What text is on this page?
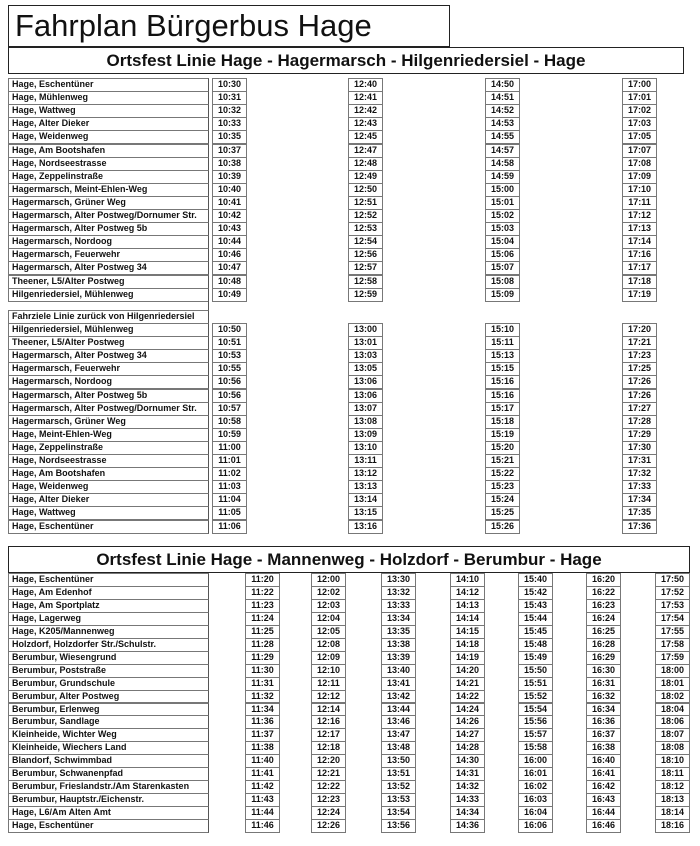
Fahrplan Bürgerbus Hage
Ortsfest Linie Hage - Hagermarsch - Hilgenriedersiel - Hage
Hage, Eschentüner	10:30	12:40	14:50	17:00
Hage, Mühlenweg	10:31	12:41	14:51	17:01
Hage, Wattweg	10:32	12:42	14:52	17:02
Hage, Alter Dieker	10:33	12:43	14:53	17:03
Hage, Weidenweg	10:35	12:45	14:55	17:05
Hage, Am Bootshafen	10:37	12:47	14:57	17:07
Hage, Nordseestrasse	10:38	12:48	14:58	17:08
Hage, Zeppelinstraße	10:39	12:49	14:59	17:09
Hagermarsch, Meint-Ehlen-Weg	10:40	12:50	15:00	17:10
Hagermarsch, Grüner Weg	10:41	12:51	15:01	17:11
Hagermarsch, Alter Postweg/Dornumer Str.	10:42	12:52	15:02	17:12
Hagermarsch, Alter Postweg 5b	10:43	12:53	15:03	17:13
Hagermarsch, Nordoog	10:44	12:54	15:04	17:14
Hagermarsch, Feuerwehr	10:46	12:56	15:06	17:16
Hagermarsch, Alter Postweg 34	10:47	12:57	15:07	17:17
Theener, L5/Alter Postweg	10:48	12:58	15:08	17:18
Hilgenriedersiel, Mühlenweg	10:49	12:59	15:09	17:19
Fahrziele Linie zurück von Hilgenriedersiel
Hilgenriedersiel, Mühlenweg	10:50	13:00	15:10	17:20
Theener, L5/Alter Postweg	10:51	13:01	15:11	17:21
Hagermarsch, Alter Postweg 34	10:53	13:03	15:13	17:23
Hagermarsch, Feuerwehr	10:55	13:05	15:15	17:25
Hagermarsch, Nordoog	10:56	13:06	15:16	17:26
Hagermarsch, Alter Postweg 5b	10:56	13:06	15:16	17:26
Hagermarsch, Alter Postweg/Dornumer Str.	10:57	13:07	15:17	17:27
Hagermarsch, Grüner Weg	10:58	13:08	15:18	17:28
Hage, Meint-Ehlen-Weg	10:59	13:09	15:19	17:29
Hage, Zeppelinstraße	11:00	13:10	15:20	17:30
Hage, Nordseestrasse	11:01	13:11	15:21	17:31
Hage, Am Bootshafen	11:02	13:12	15:22	17:32
Hage, Weidenweg	11:03	13:13	15:23	17:33
Hage, Alter Dieker	11:04	13:14	15:24	17:34
Hage, Wattweg	11:05	13:15	15:25	17:35
Hage, Eschentüner	11:06	13:16	15:26	17:36
Ortsfest Linie Hage - Mannenweg - Holzdorf - Berumbur - Hage
Hage, Eschentüner	11:20	12:00	13:30	14:10	15:40	16:20	17:50
Hage, Am Edenhof	11:22	12:02	13:32	14:12	15:42	16:22	17:52
Hage, Am Sportplatz	11:23	12:03	13:33	14:13	15:43	16:23	17:53
Hage, Lagerweg	11:24	12:04	13:34	14:14	15:44	16:24	17:54
Hage, K205/Mannenweg	11:25	12:05	13:35	14:15	15:45	16:25	17:55
Holzdorf, Holzdorfer Str./Schulstr.	11:28	12:08	13:38	14:18	15:48	16:28	17:58
Berumbur, Wiesengrund	11:29	12:09	13:39	14:19	15:49	16:29	17:59
Berumbur, Poststraße	11:30	12:10	13:40	14:20	15:50	16:30	18:00
Berumbur, Grundschule	11:31	12:11	13:41	14:21	15:51	16:31	18:01
Berumbur, Alter Postweg	11:32	12:12	13:42	14:22	15:52	16:32	18:02
Berumbur, Erlenweg	11:34	12:14	13:44	14:24	15:54	16:34	18:04
Berumbur, Sandlage	11:36	12:16	13:46	14:26	15:56	16:36	18:06
Kleinheide, Wichter Weg	11:37	12:17	13:47	14:27	15:57	16:37	18:07
Kleinheide, Wiechers Land	11:38	12:18	13:48	14:28	15:58	16:38	18:08
Blandorf, Schwimmbad	11:40	12:20	13:50	14:30	16:00	16:40	18:10
Berumbur, Schwanenpfad	11:41	12:21	13:51	14:31	16:01	16:41	18:11
Berumbur, Frieslandstr./Am Starenkasten	11:42	12:22	13:52	14:32	16:02	16:42	18:12
Berumbur, Hauptstr./Eichenstr.	11:43	12:23	13:53	14:33	16:03	16:43	18:13
Hage, L6/Am Alten Amt	11:44	12:24	13:54	14:34	16:04	16:44	18:14
Hage, Eschentüner	11:46	12:26	13:56	14:36	16:06	16:46	18:16
